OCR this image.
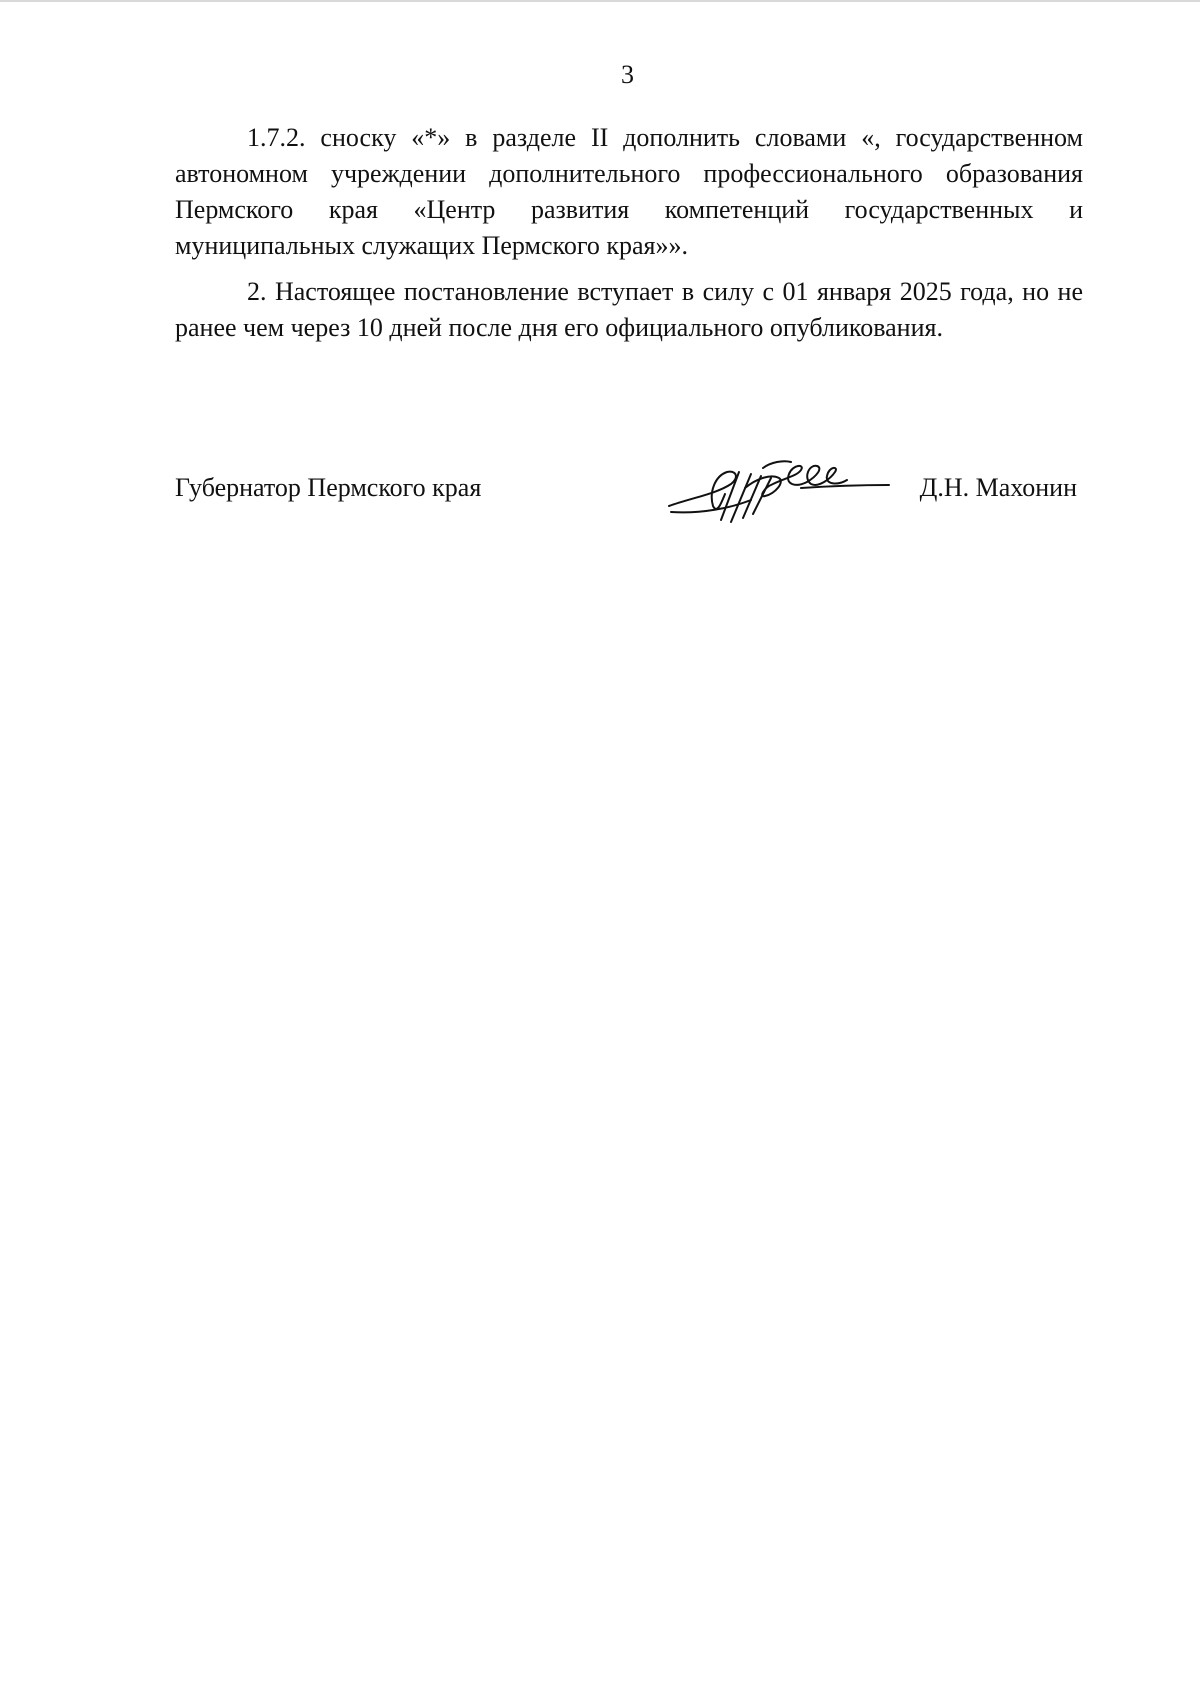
3

1.7.2. сноску «*» в разделе II дополнить словами «, государственном автономном учреждении дополнительного профессионального образования Пермского края «Центр развития компетенций государственных и муниципальных служащих Пермского края»».

2. Настоящее постановление вступает в силу с 01 января 2025 года, но не ранее чем через 10 дней после дня его официального опубликования.

Губернатор Пермского края	Д.Н. Махонин
